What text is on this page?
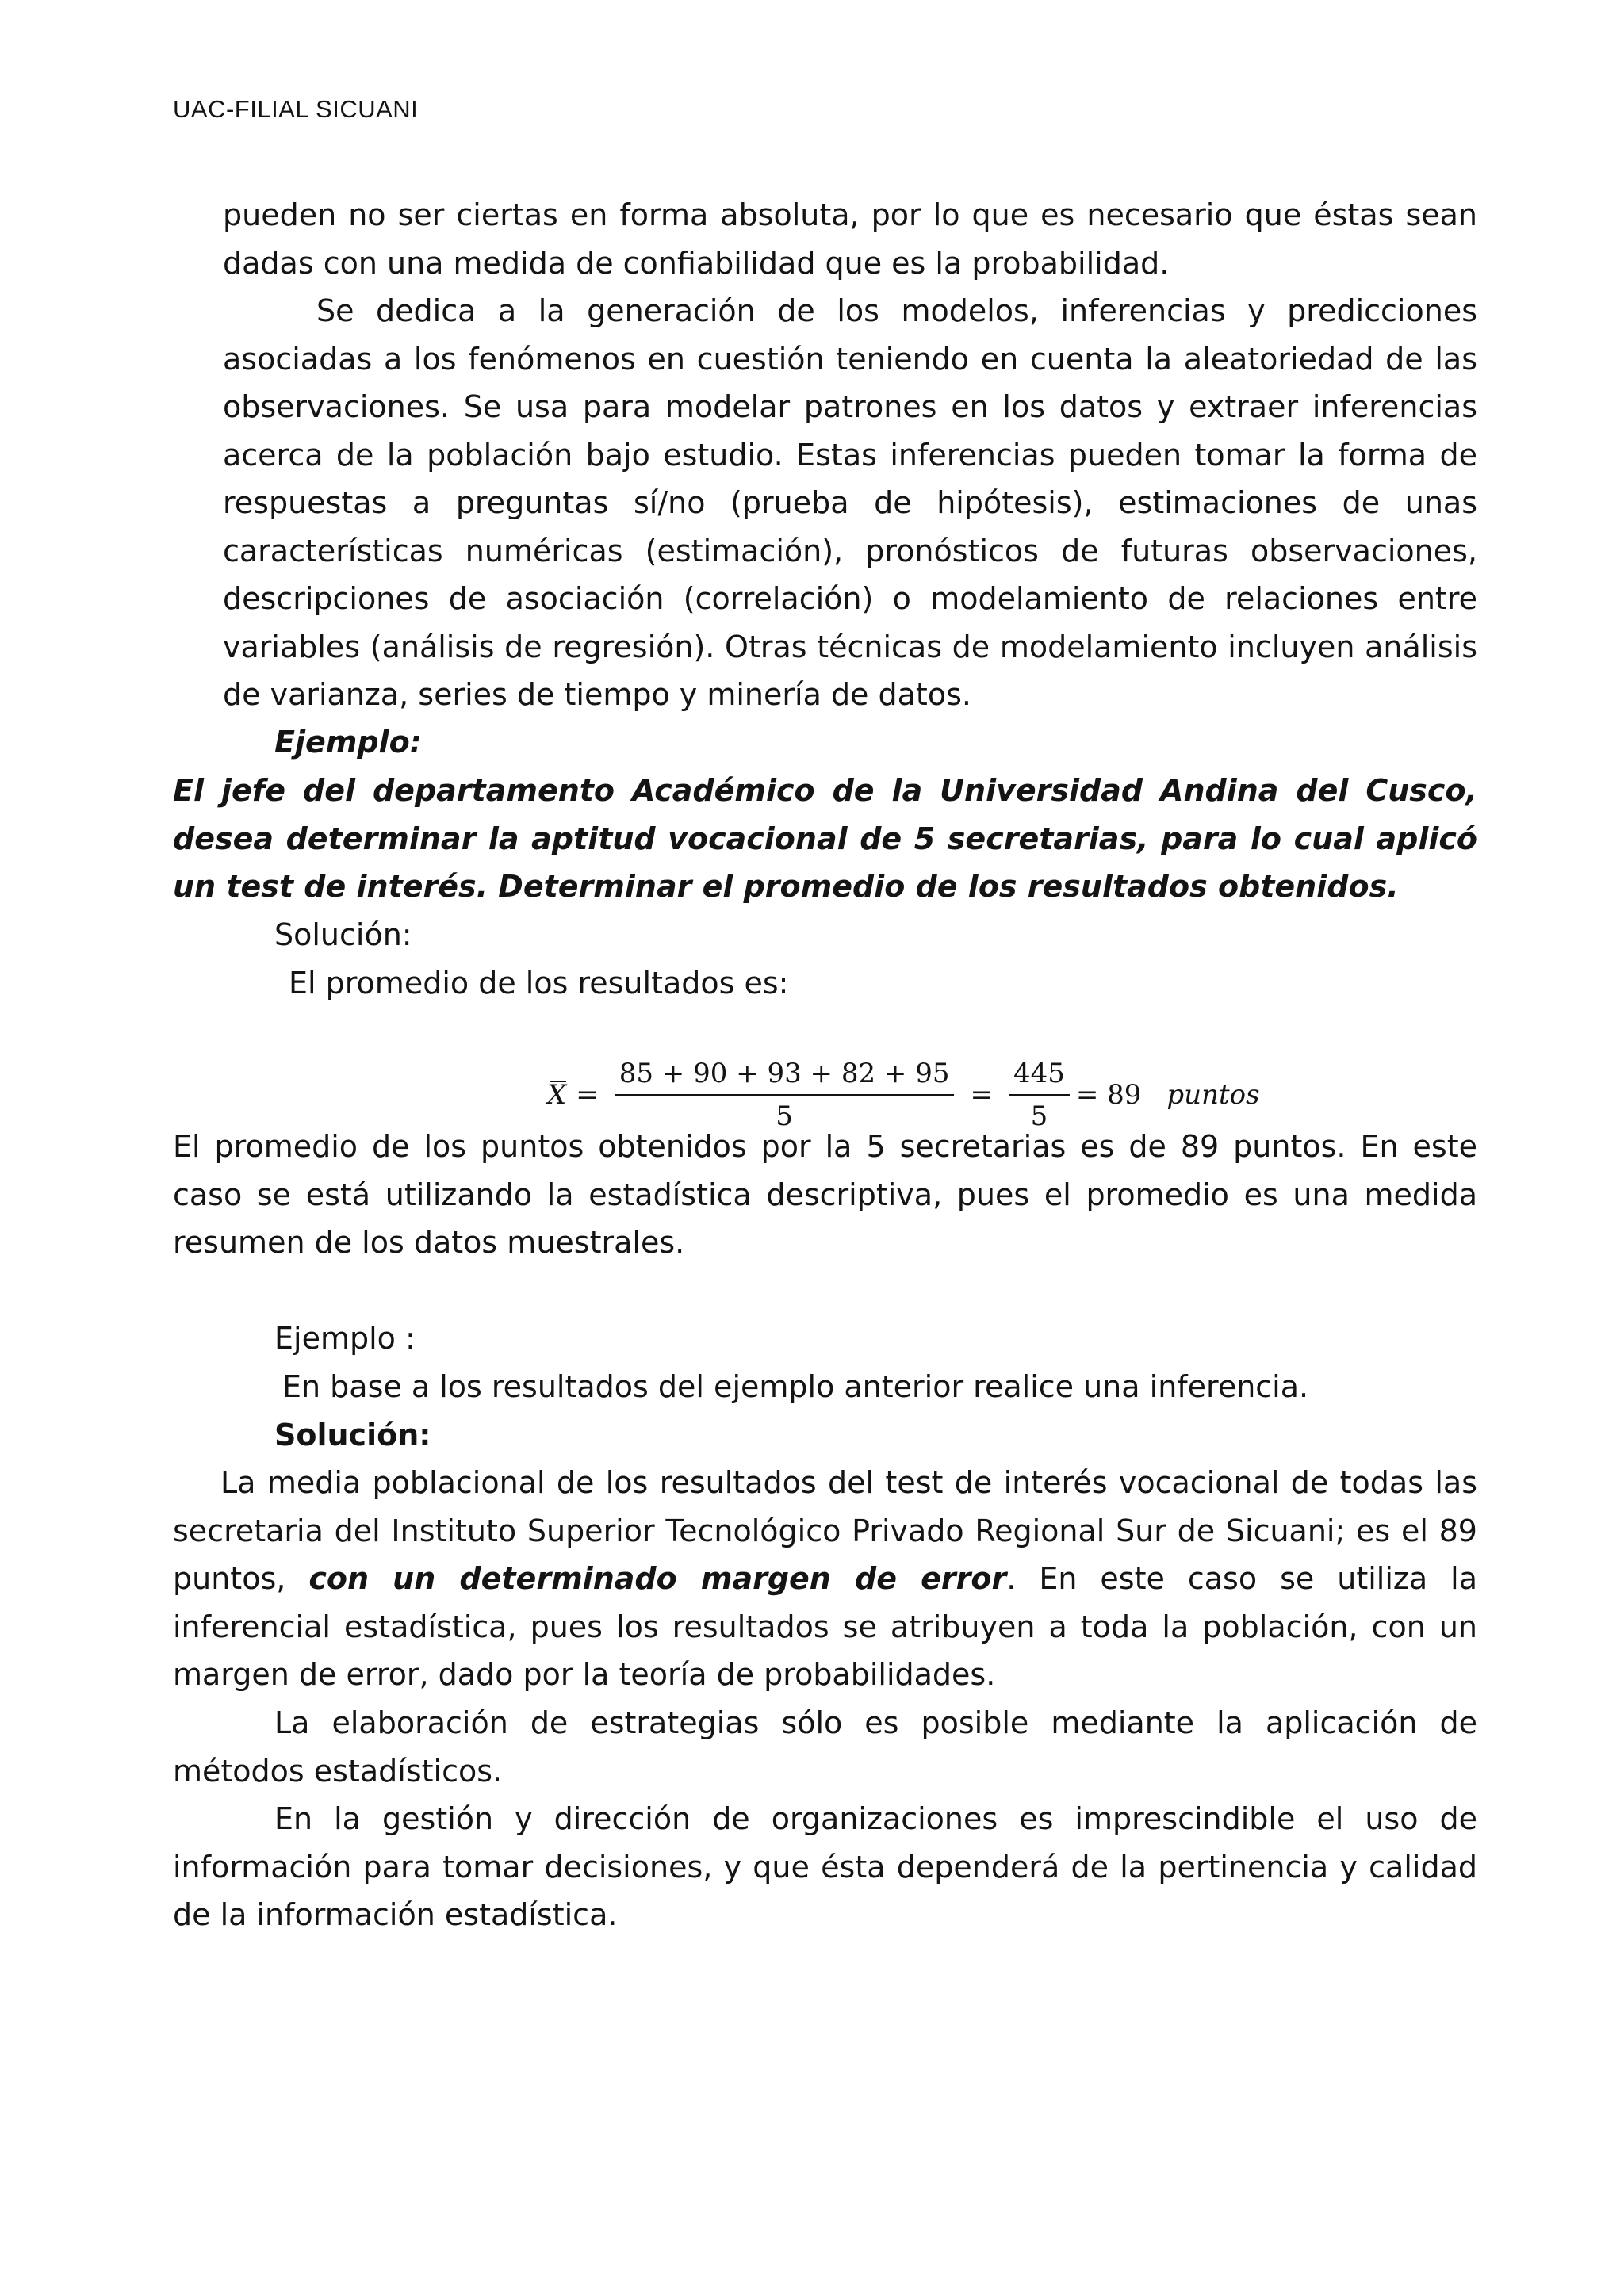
UAC-FILIAL SICUANI

pueden no ser ciertas en forma absoluta, por lo que es necesario que éstas sean dadas con una medida de confiabilidad que es la probabilidad.

Se dedica a la generación de los modelos, inferencias y predicciones asociadas a los fenómenos en cuestión teniendo en cuenta la aleatoriedad de las observaciones. Se usa para modelar patrones en los datos y extraer inferencias acerca de la población bajo estudio. Estas inferencias pueden tomar la forma de respuestas a preguntas sí/no (prueba de hipótesis), estimaciones de unas características numéricas (estimación), pronósticos de futuras observaciones, descripciones de asociación (correlación) o modelamiento de relaciones entre variables (análisis de regresión). Otras técnicas de modelamiento incluyen análisis de varianza, series de tiempo y minería de datos.

Ejemplo:

El jefe del departamento Académico de la Universidad Andina del Cusco, desea determinar la aptitud vocacional de 5 secretarias, para lo cual aplicó un test de interés. Determinar el promedio de los resultados obtenidos.

Solución:

El promedio de los resultados es:

$X = \frac{85 + 90 + 93 + 82 + 95}{5} = \frac{445}{5} = 89$ puntos

El promedio de los puntos obtenidos por la 5 secretarias es de 89 puntos. En este caso se está utilizando la estadística descriptiva, pues el promedio es una medida resumen de los datos muestrales.

Ejemplo :

En base a los resultados del ejemplo anterior realice una inferencia.

Solución:

La media poblacional de los resultados del test de interés vocacional de todas las secretaria del Instituto Superior Tecnológico Privado Regional Sur de Sicuani; es el 89 puntos, con un determinado margen de error. En este caso se utiliza la inferencial estadística, pues los resultados se atribuyen a toda la población, con un margen de error, dado por la teoría de probabilidades.

La elaboración de estrategias sólo es posible mediante la aplicación de métodos estadísticos.

En la gestión y dirección de organizaciones es imprescindible el uso de información para tomar decisiones, y que ésta dependerá de la pertinencia y calidad de la información estadística.
